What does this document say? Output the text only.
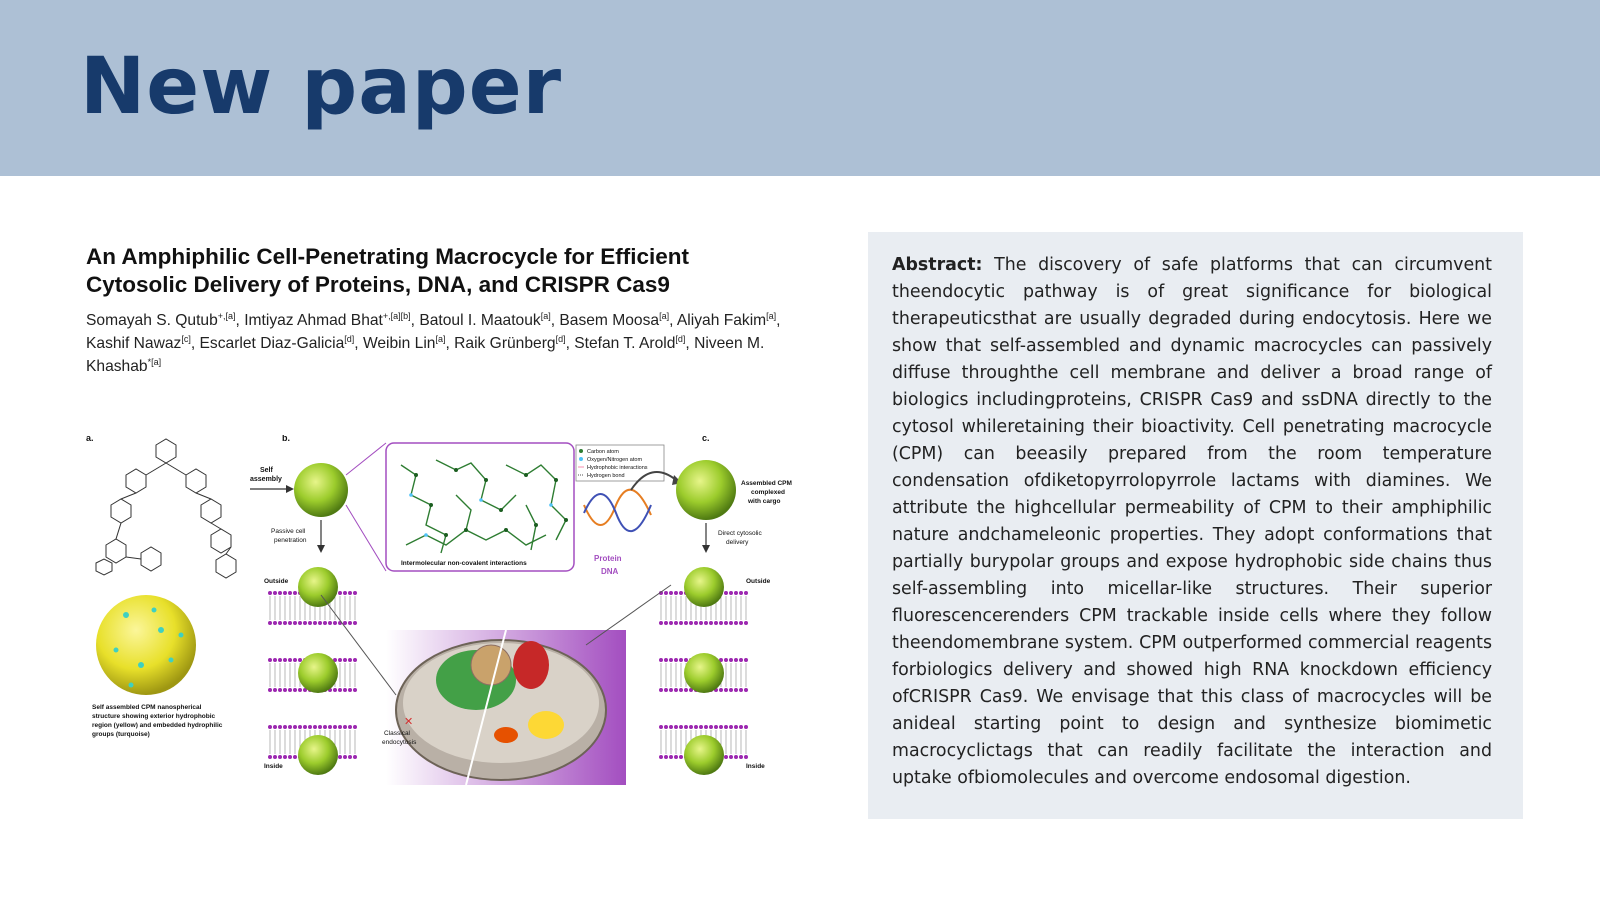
New paper
An Amphiphilic Cell-Penetrating Macrocycle for Efficient
Cytosolic Delivery of Proteins, DNA, and CRISPR Cas9
Somayah S. Qutub$^{+,[a]}$, Imtiyaz Ahmad Bhat$^{+,[a][b]}$, Batoul I. Maatouk[a], Basem Moosa[a], Aliyah Fakim[a], Kashif Nawaz[c], Escarlet Diaz-Galicia[d], Weibin Lin[a], Raik Grünberg[d], Stefan T. Arold[d], Niveen M. Khashab$^{*[a]}$
a.	b.	c.
Self assembled CPM nanospherical
structure showing exterior hydrophobic
region (yellow) and embedded hydrophilic
groups (turquoise)
Self
assembly
Passive cell
penetration
Intermolecular non-covalent interactions
Carbon atom
Oxygen/Nitrogen atom
Hydrophobic interactions
Hydrogen bond
Protein
DNA
Assembled CPM
complexed
with cargo
Direct cytosolic
delivery
Outside
Inside
Outside
Inside
Classical
endocytosis
✕
Abstract: The discovery of safe platforms that can circumvent theendocytic pathway is of great significance for biological therapeuticsthat are usually degraded during endocytosis. Here we show that self-assembled and dynamic macrocycles can passively diffuse throughthe cell membrane and deliver a broad range of biologics includingproteins, CRISPR Cas9 and ssDNA directly to the cytosol whileretaining their bioactivity. Cell penetrating macrocycle (CPM) can beeasily prepared from the room temperature condensation ofdiketopyrrolopyrrole lactams with diamines. We attribute the highcellular permeability of CPM to their amphiphilic nature andchameleonic properties. They adopt conformations that partially burypolar groups and expose hydrophobic side chains thus self-assembling into micellar-like structures. Their superior fluorescencerenders CPM trackable inside cells where they follow theendomembrane system. CPM outperformed commercial reagents forbiologics delivery and showed high RNA knockdown efficiency ofCRISPR Cas9. We envisage that this class of macrocycles will be anideal starting point to design and synthesize biomimetic macrocyclictags that can readily facilitate the interaction and uptake ofbiomolecules and overcome endosomal digestion.
